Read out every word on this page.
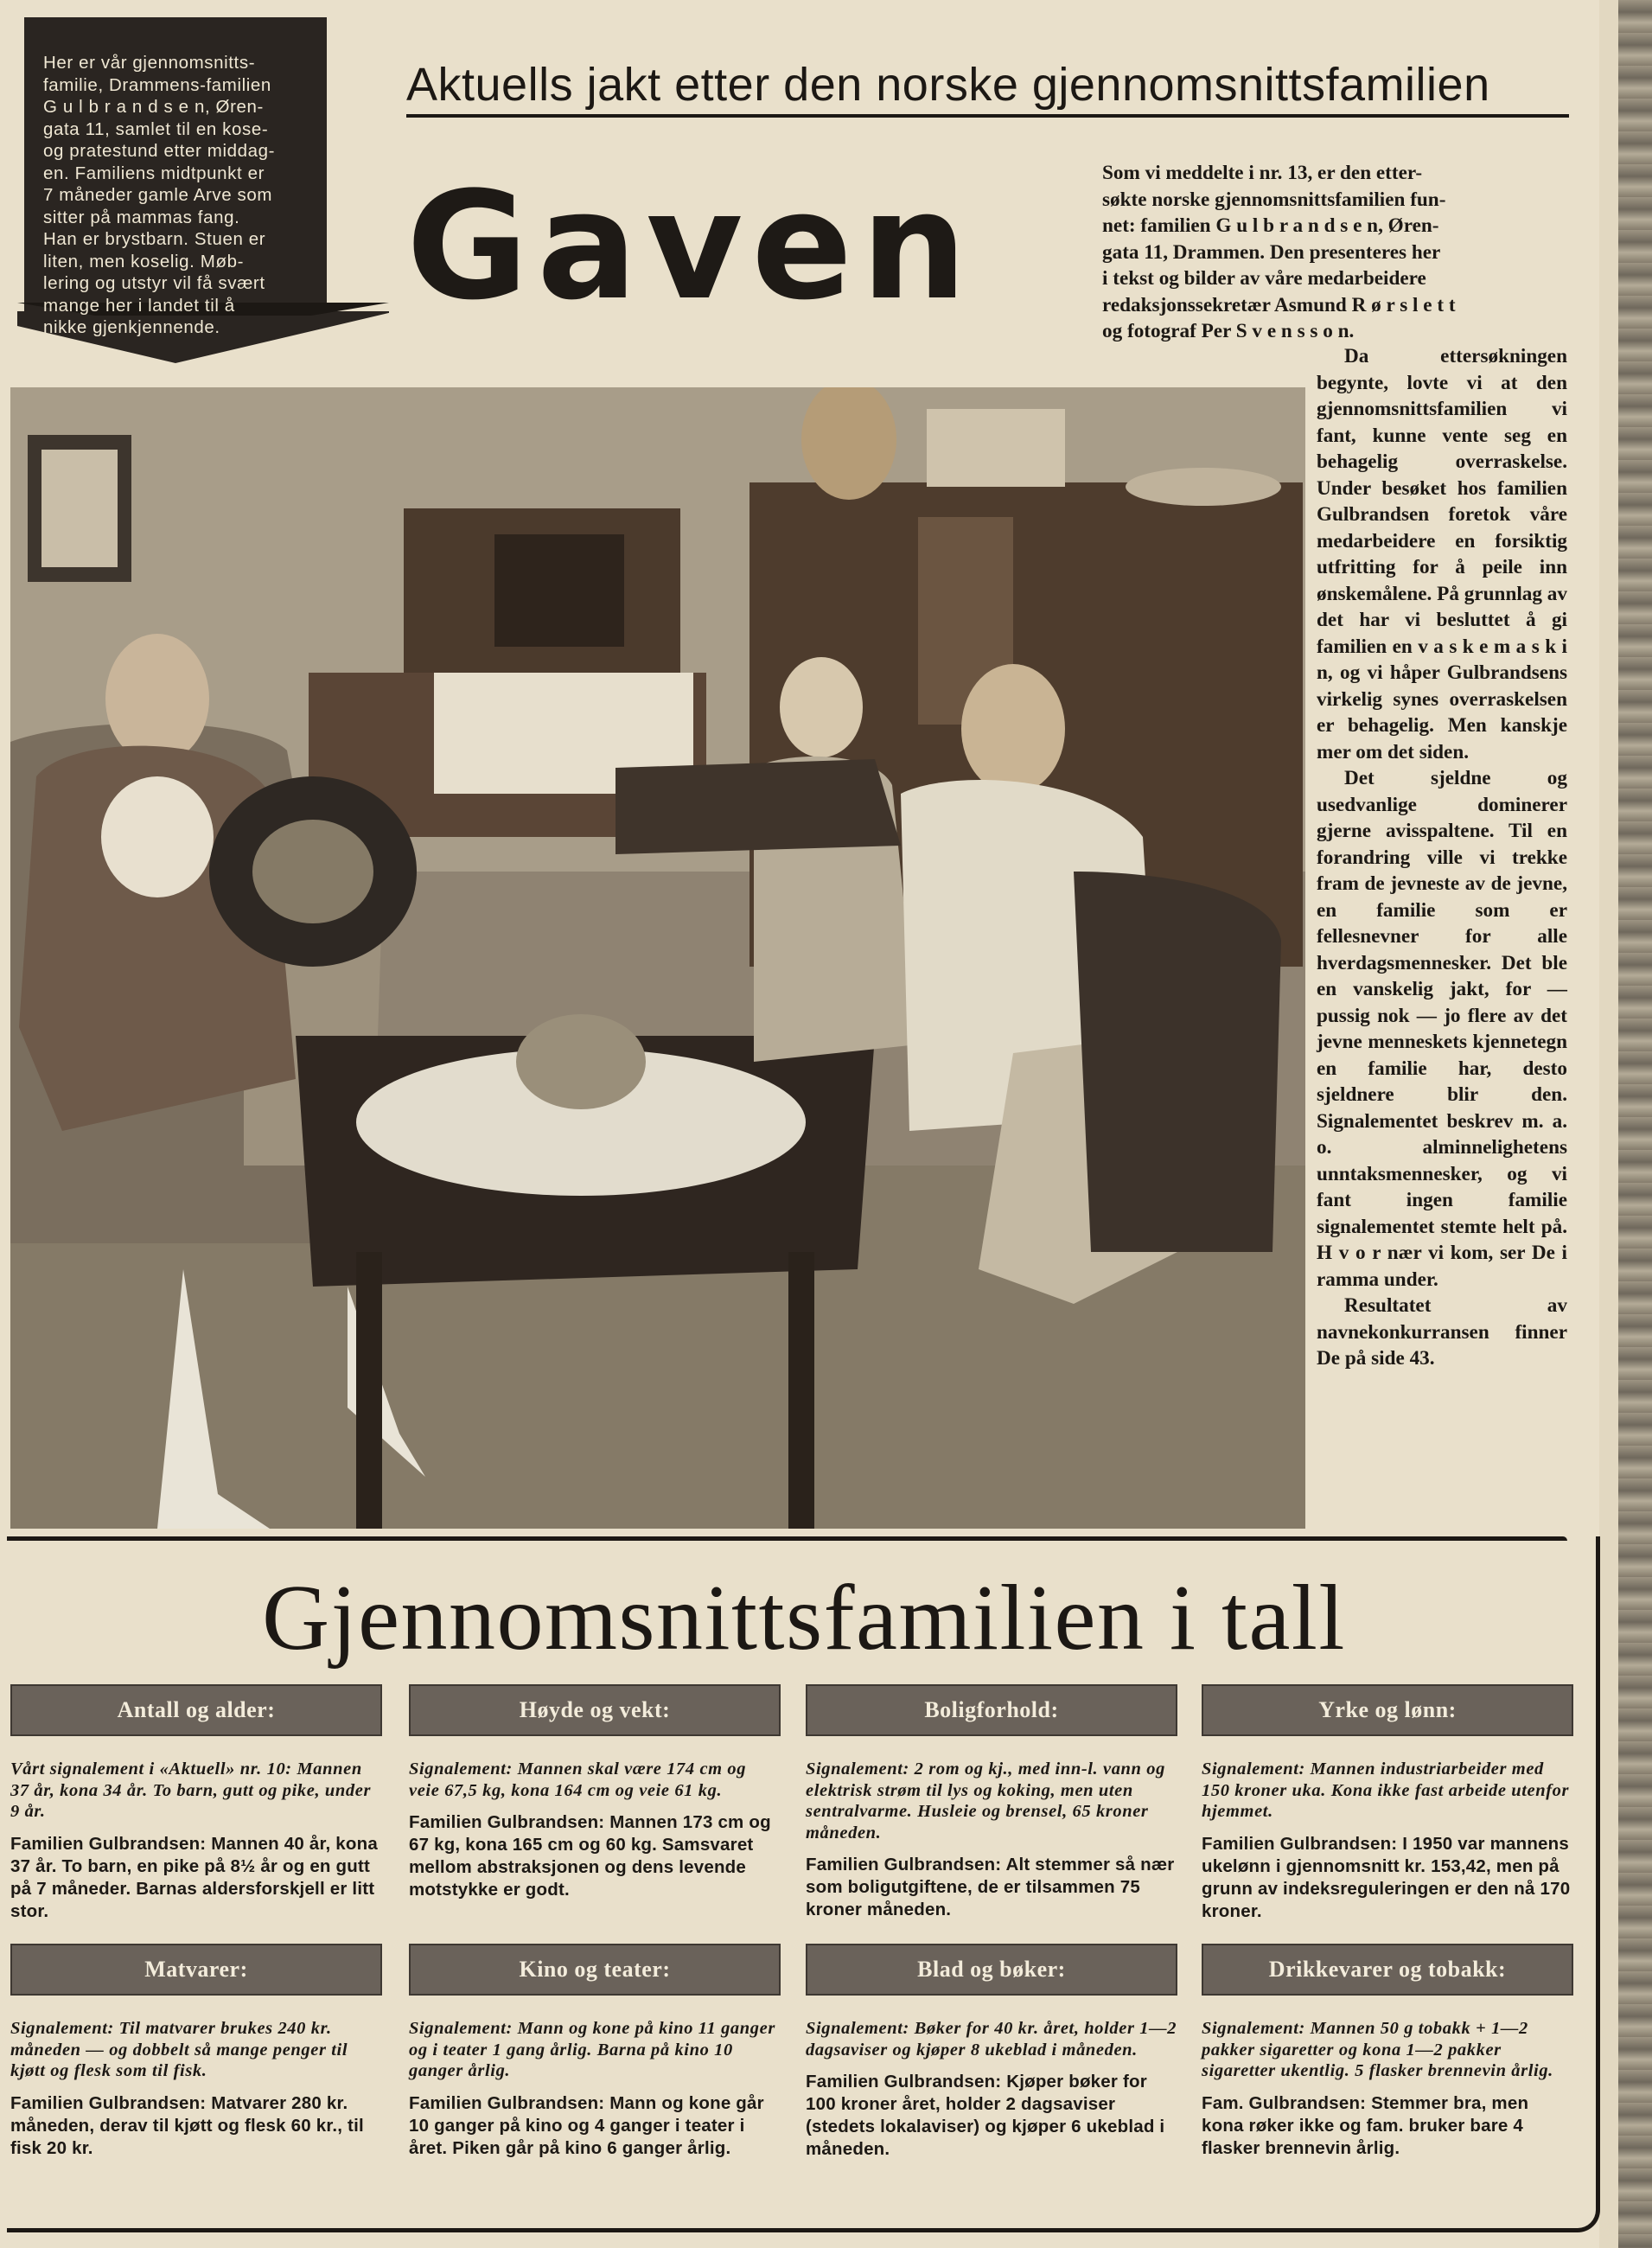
Her er vår gjennomsnitts-
familie, Drammens-familien
G u l b r a n d s e n, Øren-
gata 11, samlet til en kose-
og pratestund etter middag-
en. Familiens midtpunkt er
7 måneder gamle Arve som
sitter på mammas fang.
Han er brystbarn. Stuen er
liten, men koselig. Møb-
lering og utstyr vil få svært
mange her i landet til å
nikke gjenkjennende.
Aktuells jakt etter den norske gjennomsnittsfamilien
Gaven	Som vi meddelte i nr. 13, er den etter-
søkte norske gjennomsnittsfamilien fun-
net: familien G u l b r a n d s e n, Øren-
gata 11, Drammen. Den presenteres her
i tekst og bilder av våre medarbeidere
redaksjonssekretær Asmund R ø r s l e t t
og fotograf Per S v e n s s o n.

Da ettersøkningen begynte, lovte vi at den gjennomsnittsfamilien vi fant, kunne vente seg en behagelig overraskelse. Under besøket hos familien Gulbrandsen foretok våre medarbeidere en forsiktig utfritting for å peile inn ønskemålene. På grunnlag av det har vi besluttet å gi familien en v a s k e m a s k i n, og vi håper Gulbrandsens virkelig synes overraskelsen er behagelig. Men kanskje mer om det siden.

Det sjeldne og usedvanlige dominerer gjerne avisspaltene. Til en forandring ville vi trekke fram de jevneste av de jevne, en familie som er fellesnevner for alle hverdagsmennesker. Det ble en vanskelig jakt, for — pussig nok — jo flere av det jevne menneskets kjennetegn en familie har, desto sjeldnere blir den. Signalementet beskrev m. a. o. alminnelighetens unntaksmennesker, og vi fant ingen familie signalementet stemte helt på. H v o r nær vi kom, ser De i ramma under.

Resultatet av navnekonkurransen finner De på side 43.

Gjennomsnittsfamilien i tall
Antall og alder:
Vårt signalement i «Aktuell» nr. 10: Mannen 37 år, kona 34 år. To barn, gutt og pike, under 9 år.
Familien Gulbrandsen: Mannen 40 år, kona 37 år. To barn, en pike på 8½ år og en gutt på 7 måneder. Barnas aldersforskjell er litt stor.
Høyde og vekt:
Signalement: Mannen skal være 174 cm og veie 67,5 kg, kona 164 cm og veie 61 kg.
Familien Gulbrandsen: Mannen 173 cm og 67 kg, kona 165 cm og 60 kg. Samsvaret mellom abstraksjonen og dens levende motstykke er godt.
Boligforhold:
Signalement: 2 rom og kj., med inn-l. vann og elektrisk strøm til lys og koking, men uten sentralvarme. Husleie og brensel, 65 kroner måneden.
Familien Gulbrandsen: Alt stemmer så nær som boligutgiftene, de er tilsammen 75 kroner måneden.
Yrke og lønn:
Signalement: Mannen industriarbeider med 150 kroner uka. Kona ikke fast arbeide utenfor hjemmet.
Familien Gulbrandsen: I 1950 var mannens ukelønn i gjennomsnitt kr. 153,42, men på grunn av indeksreguleringen er den nå 170 kroner.
Matvarer:
Signalement: Til matvarer brukes 240 kr. måneden — og dobbelt så mange penger til kjøtt og flesk som til fisk.
Familien Gulbrandsen: Matvarer 280 kr. måneden, derav til kjøtt og flesk 60 kr., til fisk 20 kr.
Kino og teater:
Signalement: Mann og kone på kino 11 ganger og i teater 1 gang årlig. Barna på kino 10 ganger årlig.
Familien Gulbrandsen: Mann og kone går 10 ganger på kino og 4 ganger i teater i året. Piken går på kino 6 ganger årlig.
Blad og bøker:
Signalement: Bøker for 40 kr. året, holder 1—2 dagsaviser og kjøper 8 ukeblad i måneden.
Familien Gulbrandsen: Kjøper bøker for 100 kroner året, holder 2 dagsaviser (stedets lokalaviser) og kjøper 6 ukeblad i måneden.
Drikkevarer og tobakk:
Signalement: Mannen 50 g tobakk + 1—2 pakker sigaretter og kona 1—2 pakker sigaretter ukentlig. 5 flasker brennevin årlig.
Fam. Gulbrandsen: Stemmer bra, men kona røker ikke og fam. bruker bare 4 flasker brennevin årlig.
